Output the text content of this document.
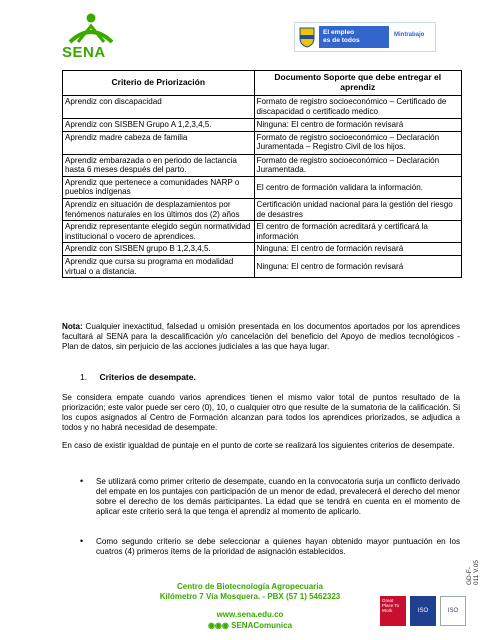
SENA
El empleo
es de todos
Mintrabajo
Criterio de Priorización	Documento Soporte que debe entregar el aprendiz
Aprendiz con discapacidad	Formato de registro socioeconómico – Certificado de discapacidad o certificado medico
Aprendiz con SISBEN Grupo A 1,2,3,4,5.	Ninguna: El centro de formación revisará
Aprendiz madre cabeza de familia	Formato de registro socioeconómico – Declaración Juramentada – Registro Civil de los hijos.
Aprendiz embarazada o en periodo de lactancia hasta 6 meses después del parto.	Formato de registro socioeconómico – Declaración Juramentada.
Aprendiz que pertenece a comunidades NARP o pueblos indígenas	El centro de formación validara la información.
Aprendiz en situación de desplazamientos por fenómenos naturales en los últimos dos (2) años	Certificación unidad nacional para la gestión del riesgo de desastres
Aprendiz representante elegido según normatividad institucional o vocero de aprendices.	El centro de formación acreditará y certificará la información
Aprendiz con SISBEN grupo B 1,2,3,4,5.	Ninguna: El centro de formación revisará
Aprendiz que cursa su programa en modalidad virtual o a distancia.	Ninguna: El centro de formación revisará
Nota: Cualquier inexactitud, falsedad u omisión presentada en los documentos aportados por los aprendices facultará al SENA para la descalificación y/o cancelación del beneficio del Apoyo de medios tecnológicos - Plan de datos, sin perjuicio de las acciones judiciales a las que haya lugar.
1. Criterios de desempate.
Se considera empate cuando varios aprendices tienen el mismo valor total de puntos resultado de la priorización; este valor puede ser cero (0), 10, o cualquier otro que resulte de la sumatoria de la calificación. Si los cupos asignados al Centro de Formación alcanzan para todos los aprendices priorizados, se adjudica a todos y no habrá necesidad de desempate.
En caso de existir igualdad de puntaje en el punto de corte se realizará los siguientes criterios de desempate.
• Se utilizará como primer criterio de desempate, cuando en la convocatoria surja un conflicto derivado del empate en los puntajes con participación de un menor de edad, prevalecerá el derecho del menor sobre el derecho de los demás participantes. La edad que se tendrá en cuenta en el momento de aplicar este criterio será la que tenga el aprendiz al momento de aplicarlo.
• Como segundo criterio se debe seleccionar a quienes hayan obtenido mayor puntuación en los cuatros (4) primeros ítems de la prioridad de asignación establecidos.
GD-F-011 V.05
Centro de Biotecnología Agropecuaria
Kilómetro 7 Vía Mosquera. - PBX (57 1) 5462323
www.sena.edu.co
◉◉◉ SENAComunica
Great Place To Work	ISO	ISO
